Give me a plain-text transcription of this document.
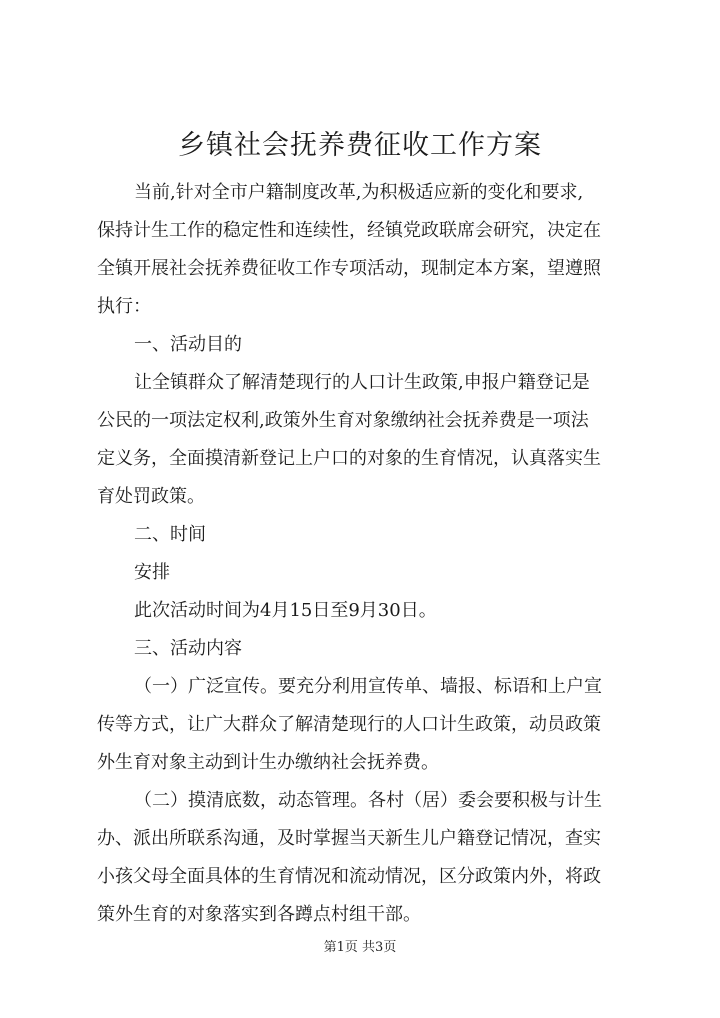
乡镇社会抚养费征收工作方案
当前,针对全市户籍制度改革,为积极适应新的变化和要求,
保持计生工作的稳定性和连续性，经镇党政联席会研究，决定在
全镇开展社会抚养费征收工作专项活动，现制定本方案，望遵照
执行：
一、活动目的
让全镇群众了解清楚现行的人口计生政策,申报户籍登记是
公民的一项法定权利,政策外生育对象缴纳社会抚养费是一项法
定义务，全面摸清新登记上户口的对象的生育情况，认真落实生
育处罚政策。
二、时间
安排
此次活动时间为4月15日至9月30日。
三、活动内容
（一）广泛宣传。要充分利用宣传单、墙报、标语和上户宣
传等方式，让广大群众了解清楚现行的人口计生政策，动员政策
外生育对象主动到计生办缴纳社会抚养费。
（二）摸清底数，动态管理。各村（居）委会要积极与计生
办、派出所联系沟通，及时掌握当天新生儿户籍登记情况，查实
小孩父母全面具体的生育情况和流动情况，区分政策内外，将政
策外生育的对象落实到各蹲点村组干部。
第1页 共3页
